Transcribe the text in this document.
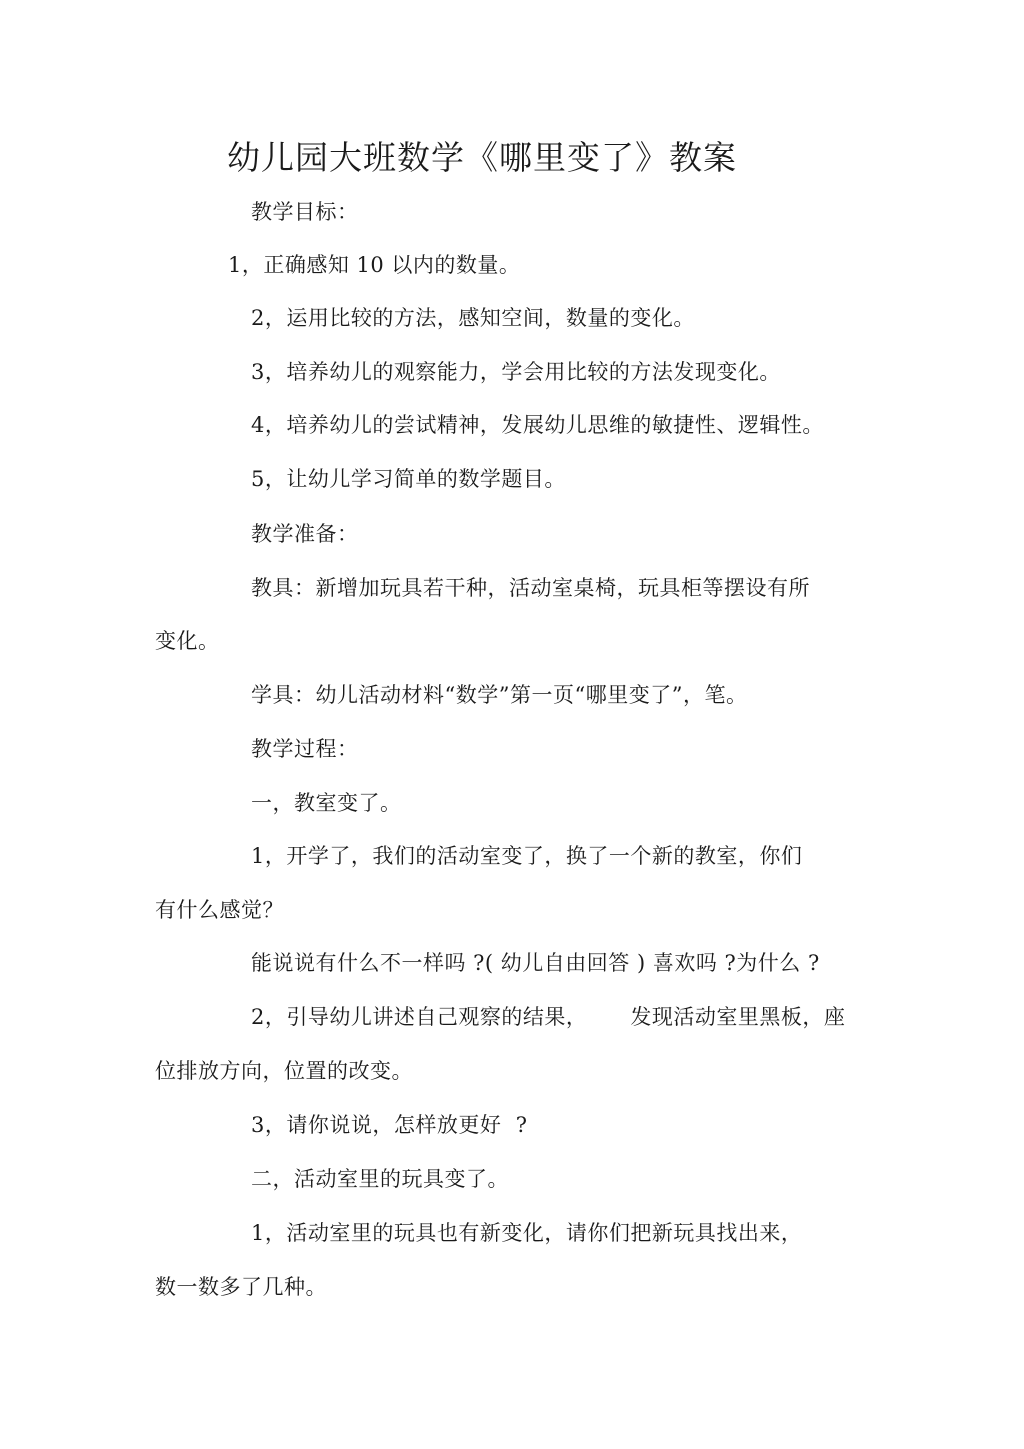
幼儿园大班数学《哪里变了》教案
教学目标：
1，正确感知 10 以内的数量。
2，运用比较的方法，感知空间，数量的变化。
3，培养幼儿的观察能力，学会用比较的方法发现变化。
4，培养幼儿的尝试精神，发展幼儿思维的敏捷性、逻辑性。
5，让幼儿学习简单的数学题目。
教学准备：
教具：新增加玩具若干种，活动室桌椅，玩具柜等摆设有所
变化。
学具：幼儿活动材料“数学”第一页“哪里变了”，笔。
教学过程：
一，教室变了。
1，开学了，我们的活动室变了，换了一个新的教室，你们
有什么感觉？
能说说有什么不一样吗 ?( 幼儿自由回答 ) 喜欢吗 ?为什么 ?
2，引导幼儿讲述自己观察的结果，      发现活动室里黑板，座
位排放方向，位置的改变。
3，请你说说，怎样放更好  ?
二，活动室里的玩具变了。
1，活动室里的玩具也有新变化，请你们把新玩具找出来，
数一数多了几种。
